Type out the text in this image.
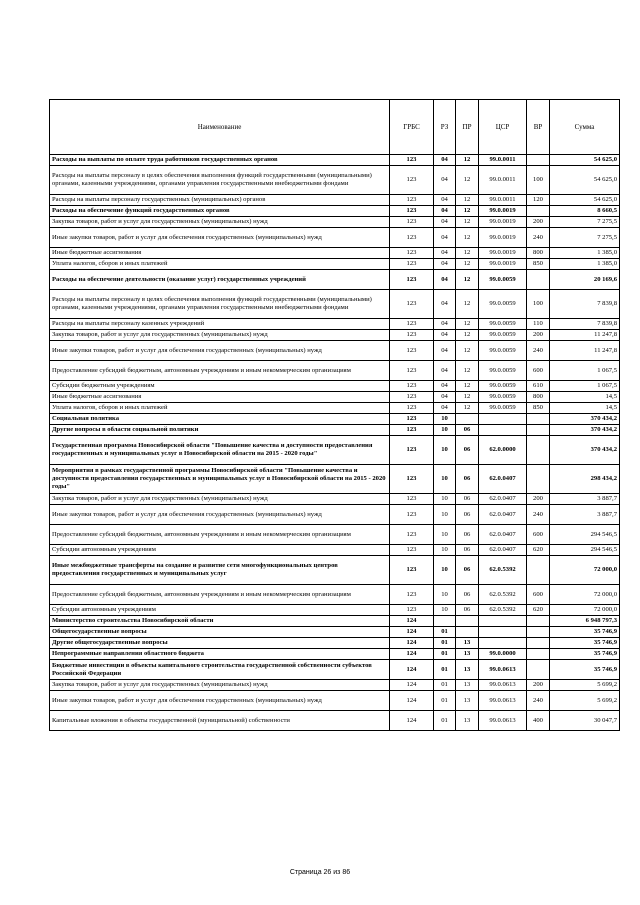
Наименование	ГРБС	РЗ	ПР	ЦСР	ВР	Сумма
Расходы на выплаты по оплате труда работников государственных органов	123	04	12	99.0.0011		54 625,0
Расходы на выплаты персоналу в целях обеспечения выполнения функций государственными (муниципальными) органами, казенными учреждениями, органами управления государственными внебюджетными фондами	123	04	12	99.0.0011	100	54 625,0
Расходы на выплаты персоналу государственных (муниципальных) органов	123	04	12	99.0.0011	120	54 625,0
Расходы на обеспечение функций государственных органов	123	04	12	99.0.0019		8 660,5
Закупка товаров, работ и услуг для государственных (муниципальных) нужд	123	04	12	99.0.0019	200	7 275,5
Иные закупки товаров, работ и услуг для обеспечения государственных (муниципальных) нужд	123	04	12	99.0.0019	240	7 275,5
Иные бюджетные ассигнования	123	04	12	99.0.0019	800	1 385,0
Уплата налогов, сборов и иных платежей	123	04	12	99.0.0019	850	1 385,0
Расходы на обеспечение деятельности (оказание услуг) государственных учреждений	123	04	12	99.0.0059		20 169,6
Расходы на выплаты персоналу в целях обеспечения выполнения функций государственными (муниципальными) органами, казенными учреждениями, органами управления государственными внебюджетными фондами	123	04	12	99.0.0059	100	7 839,8
Расходы на выплаты персоналу казенных учреждений	123	04	12	99.0.0059	110	7 839,8
Закупка товаров, работ и услуг для государственных (муниципальных) нужд	123	04	12	99.0.0059	200	11 247,8
Иные закупки товаров, работ и услуг для обеспечения государственных (муниципальных) нужд	123	04	12	99.0.0059	240	11 247,8
Предоставление субсидий бюджетным, автономным учреждениям и иным некоммерческим организациям	123	04	12	99.0.0059	600	1 067,5
Субсидии бюджетным учреждениям	123	04	12	99.0.0059	610	1 067,5
Иные бюджетные ассигнования	123	04	12	99.0.0059	800	14,5
Уплата налогов, сборов и иных платежей	123	04	12	99.0.0059	850	14,5
Социальная политика	123	10				370 434,2
Другие вопросы в области социальной политики	123	10	06			370 434,2
Государственная программа Новосибирской области "Повышение качества и доступности предоставления государственных и муниципальных услуг в Новосибирской области на 2015 - 2020 годы"	123	10	06	62.0.0000		370 434,2
Мероприятия в рамках государственной программы Новосибирской области "Повышение качества и доступности предоставления государственных и муниципальных услуг в Новосибирской области на 2015 - 2020 годы"	123	10	06	62.0.0407		298 434,2
Закупка товаров, работ и услуг для государственных (муниципальных) нужд	123	10	06	62.0.0407	200	3 887,7
Иные закупки товаров, работ и услуг для обеспечения государственных (муниципальных) нужд	123	10	06	62.0.0407	240	3 887,7
Предоставление субсидий бюджетным, автономным учреждениям и иным некоммерческим организациям	123	10	06	62.0.0407	600	294 546,5
Субсидии автономным учреждениям	123	10	06	62.0.0407	620	294 546,5
Иные межбюджетные трансферты на создание и развитие сети многофункциональных центров предоставления государственных и муниципальных услуг	123	10	06	62.0.5392		72 000,0
Предоставление субсидий бюджетным, автономным учреждениям и иным некоммерческим организациям	123	10	06	62.0.5392	600	72 000,0
Субсидии автономным учреждениям	123	10	06	62.0.5392	620	72 000,0
Министерство строительства Новосибирской области	124					6 948 797,3
Общегосударственные вопросы	124	01				35 746,9
Другие общегосударственные вопросы	124	01	13			35 746,9
Непрограммные направления областного бюджета	124	01	13	99.0.0000		35 746,9
Бюджетные инвестиции в объекты капитального строительства государственной собственности субъектов Российской Федерации	124	01	13	99.0.0613		35 746,9
Закупка товаров, работ и услуг для государственных (муниципальных) нужд	124	01	13	99.0.0613	200	5 699,2
Иные закупки товаров, работ и услуг для обеспечения государственных (муниципальных) нужд	124	01	13	99.0.0613	240	5 699,2
Капитальные вложения в объекты государственной (муниципальной) собственности	124	01	13	99.0.0613	400	30 047,7
Страница 26 из 86
